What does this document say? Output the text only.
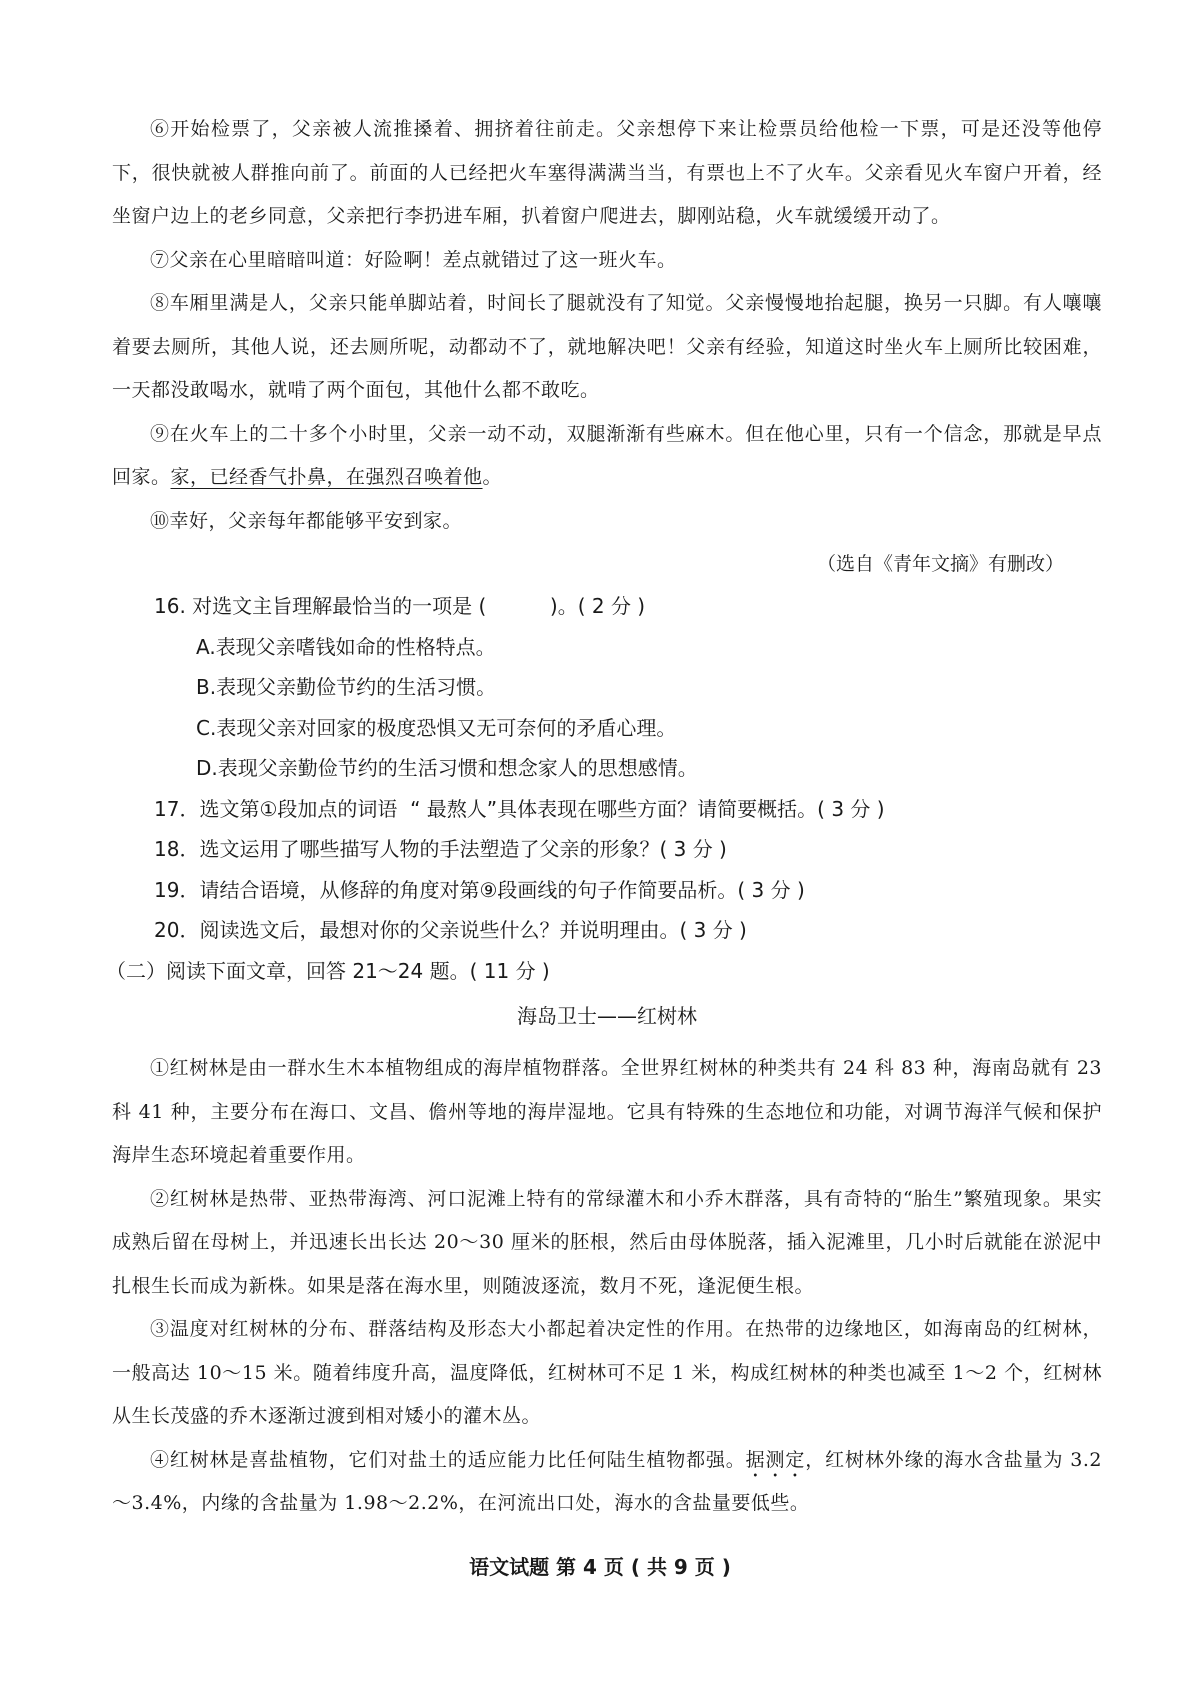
⑥开始检票了，父亲被人流推搡着、拥挤着往前走。父亲想停下来让检票员给他检一下票，可是还没等他停下，很快就被人群推向前了。前面的人已经把火车塞得满满当当，有票也上不了火车。父亲看见火车窗户开着，经坐窗户边上的老乡同意，父亲把行李扔进车厢，扒着窗户爬进去，脚刚站稳，火车就缓缓开动了。

⑦父亲在心里暗暗叫道：好险啊！差点就错过了这一班火车。

⑧车厢里满是人，父亲只能单脚站着，时间长了腿就没有了知觉。父亲慢慢地抬起腿，换另一只脚。有人嚷嚷着要去厕所，其他人说，还去厕所呢，动都动不了，就地解决吧！父亲有经验，知道这时坐火车上厕所比较困难，一天都没敢喝水，就啃了两个面包，其他什么都不敢吃。

⑨在火车上的二十多个小时里，父亲一动不动，双腿渐渐有些麻木。但在他心里，只有一个信念，那就是早点回家。家，已经香气扑鼻，在强烈召唤着他。

⑩幸好，父亲每年都能够平安到家。

（选自《青年文摘》有删改）

16. 对选文主旨理解最恰当的一项是 (          )。( 2 分 )

A.表现父亲嗜钱如命的性格特点。

B.表现父亲勤俭节约的生活习惯。

C.表现父亲对回家的极度恐惧又无可奈何的矛盾心理。

D.表现父亲勤俭节约的生活习惯和想念家人的思想感情。

17．选文第①段加点的词语  “ 最熬人”具体表现在哪些方面？请简要概括。( 3 分 )

18．选文运用了哪些描写人物的手法塑造了父亲的形象？( 3 分 )

19．请结合语境，从修辞的角度对第⑨段画线的句子作简要品析。( 3 分 )

20．阅读选文后，最想对你的父亲说些什么？并说明理由。( 3 分 )

（二）阅读下面文章，回答 21～24 题。( 11 分 )

海岛卫士——红树林

①红树林是由一群水生木本植物组成的海岸植物群落。全世界红树林的种类共有 24 科 83 种，海南岛就有 23 科 41 种，主要分布在海口、文昌、儋州等地的海岸湿地。它具有特殊的生态地位和功能，对调节海洋气候和保护海岸生态环境起着重要作用。

②红树林是热带、亚热带海湾、河口泥滩上特有的常绿灌木和小乔木群落，具有奇特的“胎生”繁殖现象。果实成熟后留在母树上，并迅速长出长达 20～30 厘米的胚根，然后由母体脱落，插入泥滩里，几小时后就能在淤泥中扎根生长而成为新株。如果是落在海水里，则随波逐流，数月不死，逢泥便生根。

③温度对红树林的分布、群落结构及形态大小都起着决定性的作用。在热带的边缘地区，如海南岛的红树林，一般高达 10～15 米。随着纬度升高，温度降低，红树林可不足 1 米，构成红树林的种类也减至 1～2 个，红树林从生长茂盛的乔木逐渐过渡到相对矮小的灌木丛。

④红树林是喜盐植物，它们对盐土的适应能力比任何陆生植物都强。据测定，红树林外缘的海水含盐量为 3.2～3.4%，内缘的含盐量为 1.98～2.2%，在河流出口处，海水的含盐量要低些。

语文试题 第 4 页 ( 共 9 页 )
